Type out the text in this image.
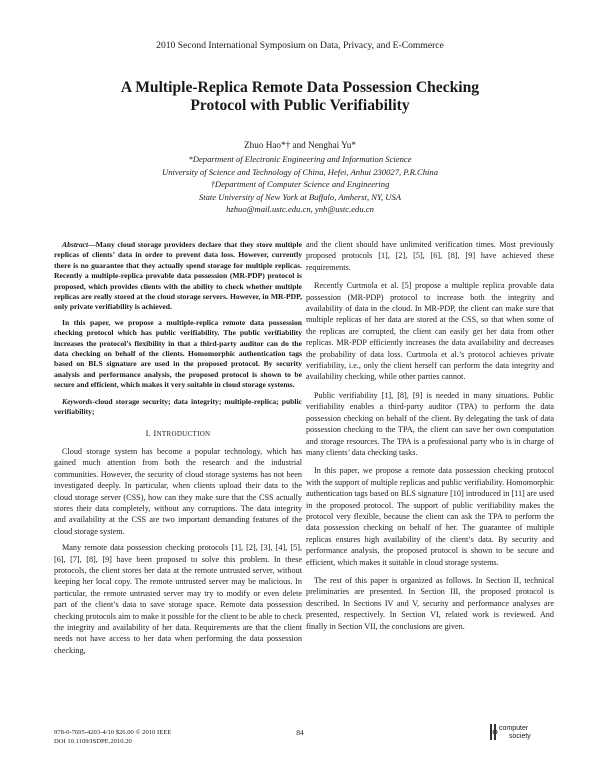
2010 Second International Symposium on Data, Privacy, and E-Commerce
A Multiple-Replica Remote Data Possession Checking
Protocol with Public Verifiability
Zhuo Hao*† and Nenghai Yu*
*Department of Electronic Engineering and Information Science
University of Science and Technology of China, Hefei, Anhui 230027, P.R.China
†Department of Computer Science and Engineering
State University of New York at Buffalo, Amherst, NY, USA
hzhuo@mail.ustc.edu.cn, ynh@ustc.edu.cn

Abstract—Many cloud storage providers declare that they store multiple replicas of clients’ data in order to prevent data loss. However, currently there is no guarantee that they actually spend storage for multiple replicas. Recently a multiple-replica provable data possession (MR-PDP) protocol is proposed, which provides clients with the ability to check whether multiple replicas are really stored at the cloud storage servers. However, in MR-PDP, only private verifiability is achieved.

In this paper, we propose a multiple-replica remote data possession checking protocol which has public verifiability. The public verifiability increases the protocol’s flexibility in that a third-party auditor can do the data checking on behalf of the clients. Homomorphic authentication tags based on BLS signature are used in the proposed protocol. By security analysis and performance analysis, the proposed protocol is shown to be secure and efficient, which makes it very suitable in cloud storage systems.

Keywords-cloud storage security; data integrity; multiple-replica; public verifiability;

I. INTRODUCTION

Cloud storage system has become a popular technology, which has gained much attention from both the research and the industrial communities. However, the security of cloud storage systems has not been investigated deeply. In particular, when clients upload their data to the cloud storage server (CSS), how can they make sure that the CSS actually stores their data completely, without any corruptions. The data integrity and availability at the CSS are two important demanding features of the cloud storage system.

Many remote data possession checking protocols [1], [2], [3], [4], [5], [6], [7], [8], [9] have been proposed to solve this problem. In these protocols, the client stores her data at the remote untrusted server, without keeping her local copy. The remote untrusted server may be malicious. In particular, the remote untrusted server may try to modify or even delete part of the client’s data to save storage space. Remote data possession checking protocols aim to make it possible for the client to be able to check the integrity and availability of her data. Requirements are that the client needs not have access to her data when performing the data possession checking,

and the client should have unlimited verification times. Most previously proposed protocols [1], [2], [5], [6], [8], [9] have achieved these requirements.

Recently Curtmola et al. [5] propose a multiple replica provable data possession (MR-PDP) protocol to increase both the integrity and availability of data in the cloud. In MR-PDP, the client can make sure that multiple replicas of her data are stored at the CSS, so that when some of the replicas are corrupted, the client can easily get her data from other replicas. MR-PDP efficiently increases the data availability and decreases the probability of data loss. Curtmola et al.’s protocol achieves private verifiability, i.e., only the client herself can perform the data integrity and availability checking, while other parties cannot.

Public verifiability [1], [8], [9] is needed in many situations. Public verifiability enables a third-party auditor (TPA) to perform the data possession checking on behalf of the client. By delegating the task of data possession checking to the TPA, the client can save her own computation and storage resources. The TPA is a professional party who is in charge of many clients’ data checking tasks.

In this paper, we propose a remote data possession checking protocol with the support of multiple replicas and public verifiability. Homomorphic authentication tags based on BLS signature [10] introduced in [11] are used in the proposed protocol. The support of public verifiability makes the protocol very flexible, because the client can ask the TPA to perform the data possession checking on behalf of her. The guarantee of multiple replicas ensures high availability of the client’s data. By security and performance analysis, the proposed protocol is shown to be secure and efficient, which makes it suitable in cloud storage systems.

The rest of this paper is organized as follows. In Section II, technical preliminaries are presented. In Section III, the proposed protocol is described. In Sections IV and V, security and performance analyses are presented, respectively. In Section VI, related work is reviewed. And finally in Section VII, the conclusions are given.

978-0-7695-4203-4/10 $26.00 © 2010 IEEE
DOI 10.1109/ISDPE.2010.20
84	computer
society
